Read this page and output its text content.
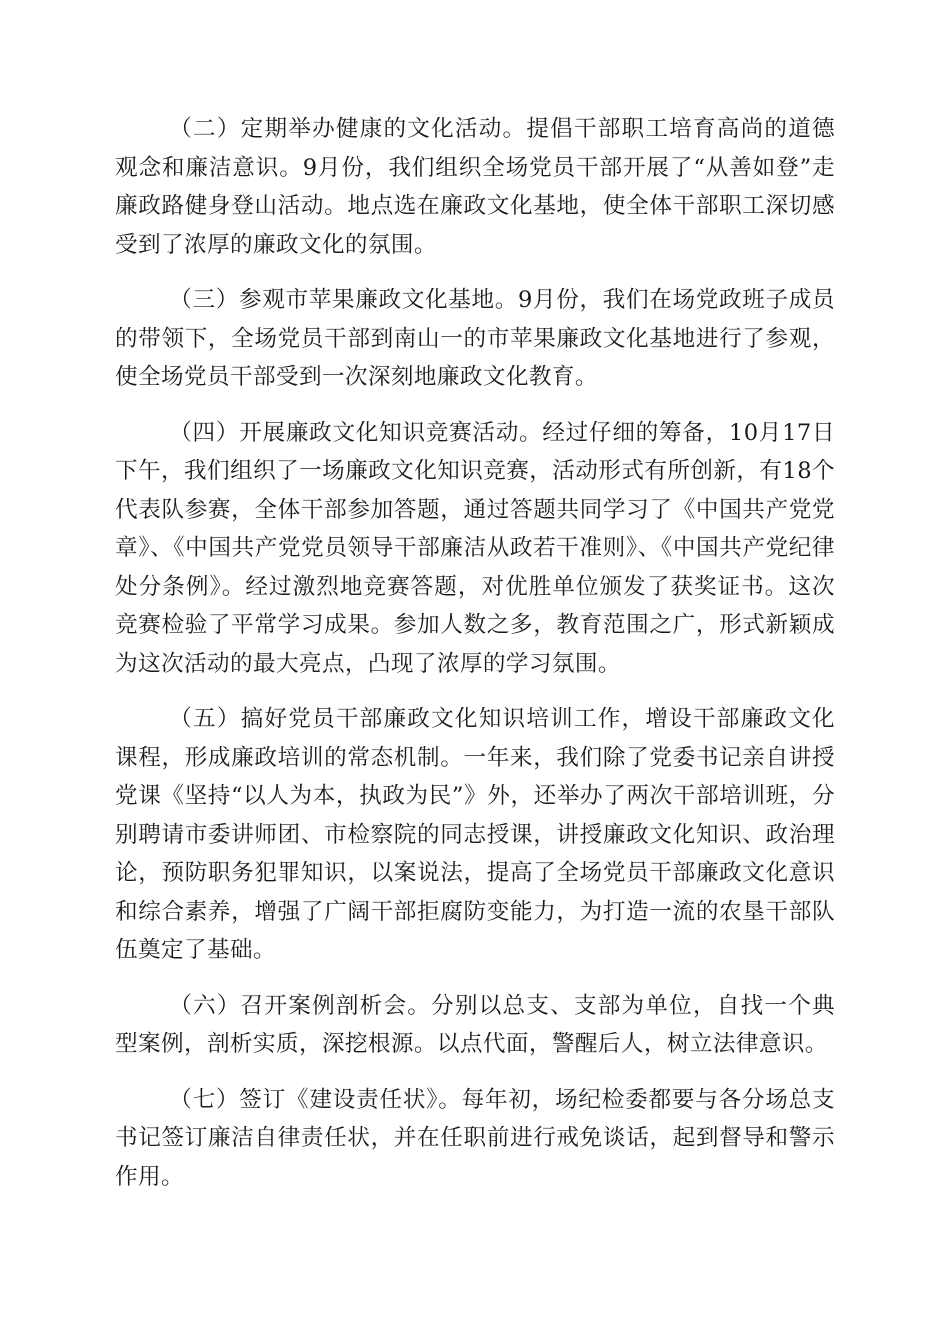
（二）定期举办健康的文化活动。提倡干部职工培育高尚的道德观念和廉洁意识。9月份，我们组织全场党员干部开展了“从善如登”走廉政路健身登山活动。地点选在廉政文化基地，使全体干部职工深切感受到了浓厚的廉政文化的氛围。

（三）参观市苹果廉政文化基地。9月份，我们在场党政班子成员的带领下，全场党员干部到南山一的市苹果廉政文化基地进行了参观，使全场党员干部受到一次深刻地廉政文化教育。

（四）开展廉政文化知识竞赛活动。经过仔细的筹备，10月17日下午，我们组织了一场廉政文化知识竞赛，活动形式有所创新，有18个代表队参赛，全体干部参加答题，通过答题共同学习了《中国共产党党章》、《中国共产党党员领导干部廉洁从政若干准则》、《中国共产党纪律处分条例》。经过激烈地竞赛答题，对优胜单位颁发了获奖证书。这次竞赛检验了平常学习成果。参加人数之多，教育范围之广，形式新颖成为这次活动的最大亮点，凸现了浓厚的学习氛围。

（五）搞好党员干部廉政文化知识培训工作，增设干部廉政文化课程，形成廉政培训的常态机制。一年来，我们除了党委书记亲自讲授党课《坚持“以人为本，执政为民”》外，还举办了两次干部培训班，分别聘请市委讲师团、市检察院的同志授课，讲授廉政文化知识、政治理论，预防职务犯罪知识，以案说法，提高了全场党员干部廉政文化意识和综合素养，增强了广阔干部拒腐防变能力，为打造一流的农垦干部队伍奠定了基础。

（六）召开案例剖析会。分别以总支、支部为单位，自找一个典型案例，剖析实质，深挖根源。以点代面，警醒后人，树立法律意识。

（七）签订《建设责任状》。每年初，场纪检委都要与各分场总支书记签订廉洁自律责任状，并在任职前进行戒免谈话，起到督导和警示作用。
